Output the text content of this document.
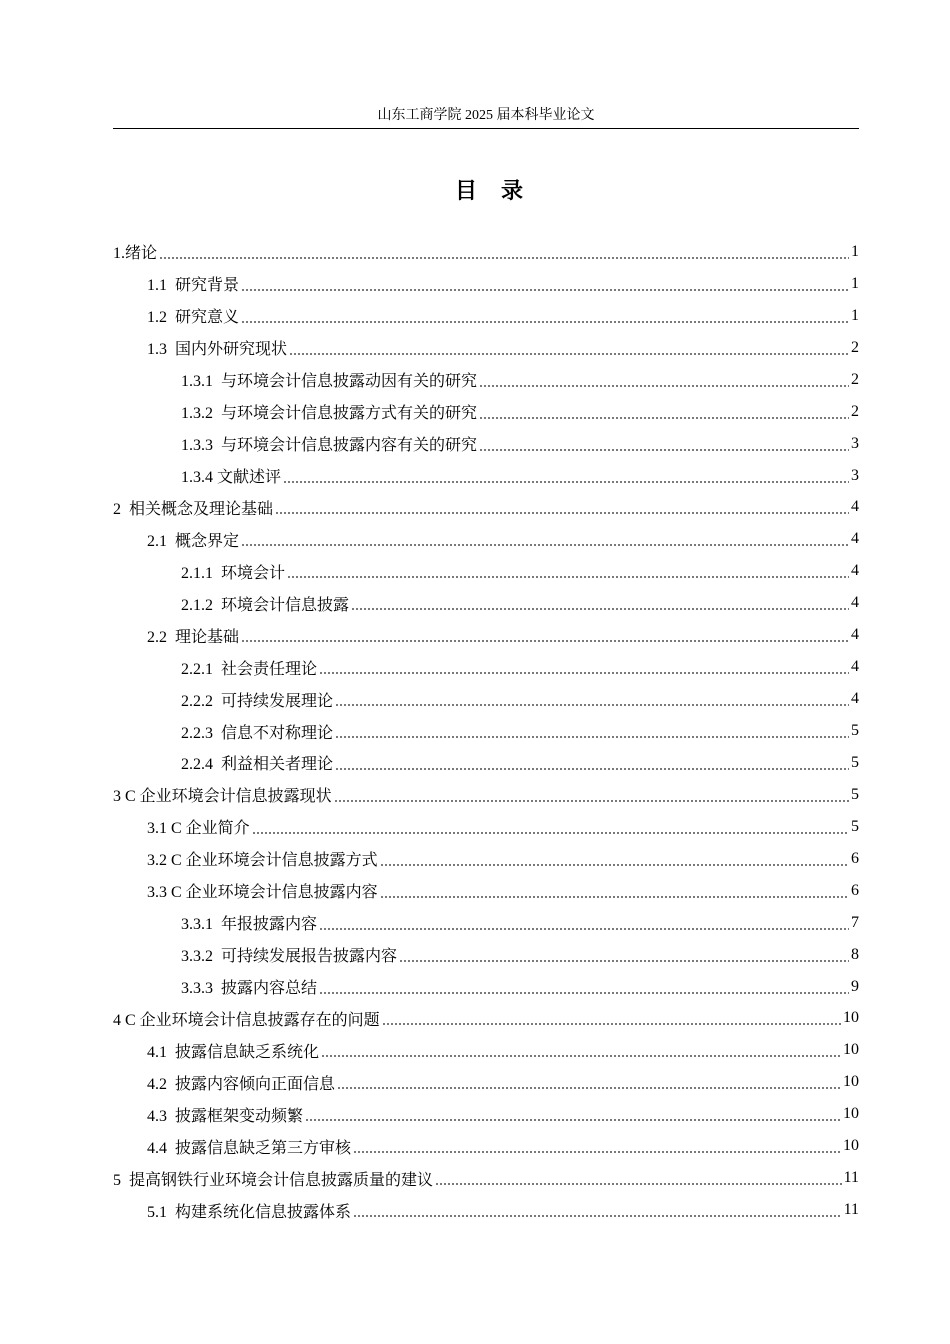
山东工商学院 2025 届本科毕业论文
目录
1.绪论	1
1.1  研究背景	1
1.2  研究意义	1
1.3  国内外研究现状	2
1.3.1  与环境会计信息披露动因有关的研究	2
1.3.2  与环境会计信息披露方式有关的研究	2
1.3.3  与环境会计信息披露内容有关的研究	3
1.3.4 文献述评	3
2  相关概念及理论基础	4
2.1  概念界定	4
2.1.1  环境会计	4
2.1.2  环境会计信息披露	4
2.2  理论基础	4
2.2.1  社会责任理论	4
2.2.2  可持续发展理论	4
2.2.3  信息不对称理论	5
2.2.4  利益相关者理论	5
3 C 企业环境会计信息披露现状	5
3.1 C 企业简介	5
3.2 C 企业环境会计信息披露方式	6
3.3 C 企业环境会计信息披露内容	6
3.3.1  年报披露内容	7
3.3.2  可持续发展报告披露内容	8
3.3.3  披露内容总结	9
4 C 企业环境会计信息披露存在的问题	10
4.1  披露信息缺乏系统化	10
4.2  披露内容倾向正面信息	10
4.3  披露框架变动频繁	10
4.4  披露信息缺乏第三方审核	10
5  提高钢铁行业环境会计信息披露质量的建议	11
5.1  构建系统化信息披露体系	11
